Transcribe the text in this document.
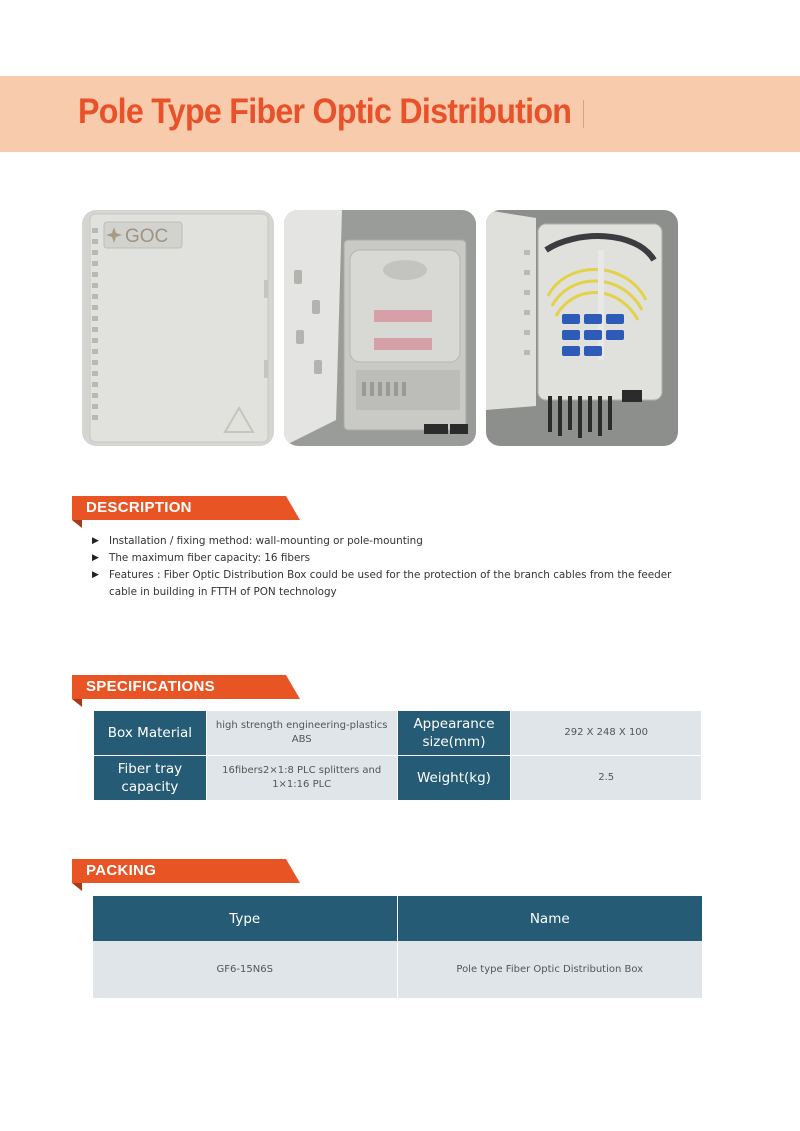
Pole Type Fiber Optic Distribution
GOC
DESCRIPTION
▶ Installation / fixing method: wall-mounting or pole-mounting
▶ The maximum fiber capacity: 16 fibers
▶ Features : Fiber Optic Distribution Box could be used for the protection of the branch cables from the feeder cable in building in FTTH of PON technology
SPECIFICATIONS
Box Material	high strength engineering-plastics ABS	Appearance size(mm)	292 X 248 X 100
Fiber tray capacity	16fibers2×1:8 PLC splitters and 1×1:16 PLC	Weight(kg)	2.5
PACKING
Type	Name
GF6-15N6S	Pole type Fiber Optic Distribution Box
